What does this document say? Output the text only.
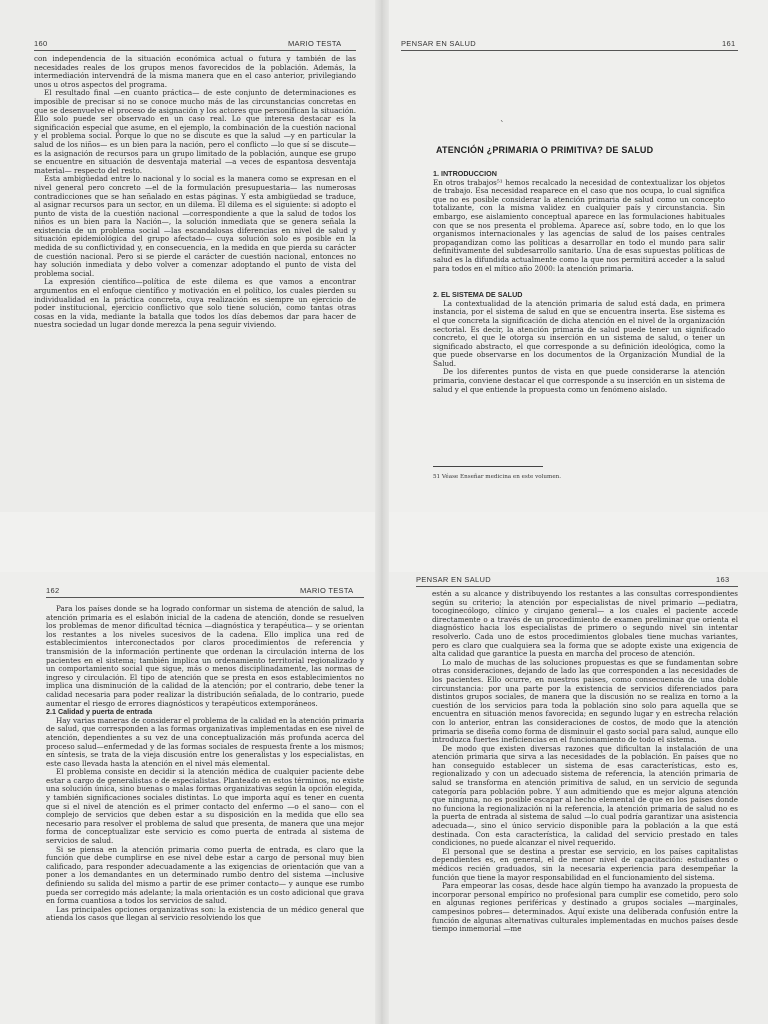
160	MARIO TESTA

con independencia de la situación económica actual o futura y también de las necesidades reales de los grupos menos favorecidos de la población. Además, la intermediación intervendrá de la misma manera que en el caso anterior, privilegiando unos u otros aspectos del programa.

El resultado final —en cuanto práctica— de este conjunto de determinaciones es imposible de precisar si no se conoce mucho más de las circunstancias concretas en que se desenvuelve el proceso de asignación y los actores que personifican la situación. Ello solo puede ser observado en un caso real. Lo que interesa destacar es la significación especial que asume, en el ejemplo, la combinación de la cuestión nacional y el problema social. Porque lo que no se discute es que la salud —y en particular la salud de los niños— es un bien para la nación, pero el conflicto —lo que sí se discute— es la asignación de recursos para un grupo limitado de la población, aunque ese grupo se encuentre en situación de desventaja material —a veces de espantosa desventaja material— respecto del resto.

Esta ambigüedad entre lo nacional y lo social es la manera como se expresan en el nivel general pero concreto —el de la formulación presupuestaria— las numerosas contradicciones que se han señalado en estas páginas. Y esta ambigüedad se traduce, al asignar recursos para un sector, en un dilema. El dilema es el siguiente: si adopto el punto de vista de la cuestión nacional —correspondiente a que la salud de todos los niños es un bien para la Nación—, la solución inmediata que se genera señala la existencia de un problema social —las escandalosas diferencias en nivel de salud y situación epidemiológica del grupo afectado— cuya solución solo es posible en la medida de su conflictividad y, en consecuencia, en la medida en que pierda su carácter de cuestión nacional. Pero si se pierde el carácter de cuestión nacional, entonces no hay solución inmediata y debo volver a comenzar adoptando el punto de vista del problema social.

La expresión científico—política de este dilema es que vamos a encontrar argumentos en el enfoque científico y motivación en el político, los cuales pierden su individualidad en la práctica concreta, cuya realización es siempre un ejercicio de poder institucional, ejercicio conflictivo que solo tiene solución, como tantas otras cosas en la vida, mediante la batalla que todos los días debemos dar para hacer de nuestra sociedad un lugar donde merezca la pena seguir viviendo.

PENSAR EN SALUD	161
ˋ
ATENCIÓN ¿PRIMARIA O PRIMITIVA? DE SALUD

1. INTRODUCCION

En otros trabajos⁵¹ hemos recalcado la necesidad de contextualizar los objetos de trabajo. Esa necesidad reaparece en el caso que nos ocupa, lo cual significa que no es posible considerar la atención primaria de salud como un concepto totalizante, con la misma validez en cualquier país y circunstancia. Sin embargo, ese aislamiento conceptual aparece en las formulaciones habituales con que se nos presenta el problema. Aparece así, sobre todo, en lo que los organismos internacionales y las agencias de salud de los países centrales propagandizan como las políticas a desarrollar en todo el mundo para salir definitivamente del subdesarrollo sanitario. Una de esas supuestas políticas de salud es la difundida actualmente como la que nos permitirá acceder a la salud para todos en el mítico año 2000: la atención primaria.

2. EL SISTEMA DE SALUD

La contextualidad de la atención primaria de salud está dada, en primera instancia, por el sistema de salud en que se encuentra inserta. Ese sistema es el que concreta la significación de dicha atención en el nivel de la organización sectorial. Es decir, la atención primaria de salud puede tener un significado concreto, el que le otorga su inserción en un sistema de salud, o tener un significado abstracto, el que corresponde a su definición ideológica, como la que puede observarse en los documentos de la Organización Mundial de la Salud.

De los diferentes puntos de vista en que puede considerarse la atención primaria, conviene destacar el que corresponde a su inserción en un sistema de salud y el que entiende la propuesta como un fenómeno aislado.

51 Véase Enseñar medicina en este volumen.
162	MARIO TESTA

Para los países donde se ha logrado conformar un sistema de atención de salud, la atención primaria es el eslabón inicial de la cadena de atención, donde se resuelven los problemas de menor dificultad técnica —diagnóstica y terapéutica— y se orientan los restantes a los niveles sucesivos de la cadena. Ello implica una red de establecimientos interconectados por claros procedimientos de referencia y transmisión de la información pertinente que ordenan la circulación interna de los pacientes en el sistema; también implica un ordenamiento territorial regionalizado y un comportamiento social que sigue, más o menos disciplinadamente, las normas de ingreso y circulación. El tipo de atención que se presta en esos establecimientos no implica una disminución de la calidad de la atención; por el contrario, debe tener la calidad necesaria para poder realizar la distribución señalada, de lo contrario, puede aumentar el riesgo de errores diagnósticos y terapéuticos extemporáneos.

2.1 Calidad y puerta de entrada

Hay varias maneras de considerar el problema de la calidad en la atención primaria de salud, que corresponden a las formas organizativas implementadas en ese nivel de atención, dependientes a su vez de una conceptualización más profunda acerca del proceso salud—enfermedad y de las formas sociales de respuesta frente a los mismos; en síntesis, se trata de la vieja discusión entre los generalistas y los especialistas, en este caso llevada hasta la atención en el nivel más elemental.

El problema consiste en decidir si la atención médica de cualquier paciente debe estar a cargo de generalistas o de especialistas. Planteado en estos términos, no existe una solución única, sino buenas o malas formas organizativas según la opción elegida, y también significaciones sociales distintas. Lo que importa aquí es tener en cuenta que si el nivel de atención es el primer contacto del enfermo —o el sano— con el complejo de servicios que deben estar a su disposición en la medida que ello sea necesario para resolver el problema de salud que presenta, de manera que una mejor forma de conceptualizar este servicio es como puerta de entrada al sistema de servicios de salud.

Si se piensa en la atención primaria como puerta de entrada, es claro que la función que debe cumplirse en ese nivel debe estar a cargo de personal muy bien calificado, para responder adecuadamente a las exigencias de orientación que van a poner a los demandantes en un determinado rumbo dentro del sistema —inclusive definiendo su salida del mismo a partir de ese primer contacto— y aunque ese rumbo pueda ser corregido más adelante; la mala orientación es un costo adicional que grava en forma cuantiosa a todos los servicios de salud.

Las principales opciones organizativas son: la existencia de un médico general que atienda los casos que llegan al servicio resolviendo los que

PENSAR EN SALUD	163

estén a su alcance y distribuyendo los restantes a las consultas correspondientes según su criterio; la atención por especialistas de nivel primario —pediatra, tocoginecólogo, clínico y cirujano general— a los cuales el paciente accede directamente o a través de un procedimiento de examen preliminar que orienta el diagnóstico hacia los especialistas de primero o segundo nivel sin intentar resolverlo. Cada uno de estos procedimientos globales tiene muchas variantes, pero es claro que cualquiera sea la forma que se adopte existe una exigencia de alta calidad que garantice la puesta en marcha del proceso de atención.

Lo malo de muchas de las soluciones propuestas es que se fundamentan sobre otras consideraciones, dejando de lado las que corresponden a las necesidades de los pacientes. Ello ocurre, en nuestros países, como consecuencia de una doble circunstancia: por una parte por la existencia de servicios diferenciados para distintos grupos sociales, de manera que la discusión no se realiza en torno a la cuestión de los servicios para toda la población sino solo para aquella que se encuentra en situación menos favorecida; en segundo lugar y en estrecha relación con lo anterior, entran las consideraciones de costos, de modo que la atención primaria se diseña como forma de disminuir el gasto social para salud, aunque ello introduzca fuertes ineficiencias en el funcionamiento de todo el sistema.

De modo que existen diversas razones que dificultan la instalación de una atención primaria que sirva a las necesidades de la población. En países que no han conseguido establecer un sistema de esas características, esto es, regionalizado y con un adecuado sistema de referencia, la atención primaria de salud se transforma en atención primitiva de salud, en un servicio de segunda categoría para población pobre. Y aun admitiendo que es mejor alguna atención que ninguna, no es posible escapar al hecho elemental de que en los países donde no funciona la regionalización ni la referencia, la atención primaria de salud no es la puerta de entrada al sistema de salud —lo cual podría garantizar una asistencia adecuada—, sino el único servicio disponible para la población a la que está destinada. Con esta característica, la calidad del servicio prestado en tales condiciones, no puede alcanzar el nivel requerido.

El personal que se destina a prestar ese servicio, en los países capitalistas dependientes es, en general, el de menor nivel de capacitación: estudiantes o médicos recién graduados, sin la necesaria experiencia para desempeñar la función que tiene la mayor responsabilidad en el funcionamiento del sistema.

Para empeorar las cosas, desde hace algún tiempo ha avanzado la propuesta de incorporar personal empírico no profesional para cumplir ese cometido, pero solo en algunas regiones periféricas y destinado a grupos sociales —marginales, campesinos pobres— determinados. Aquí existe una deliberada confusión entre la función de algunas alternativas culturales implementadas en muchos países desde tiempo inmemorial —me
